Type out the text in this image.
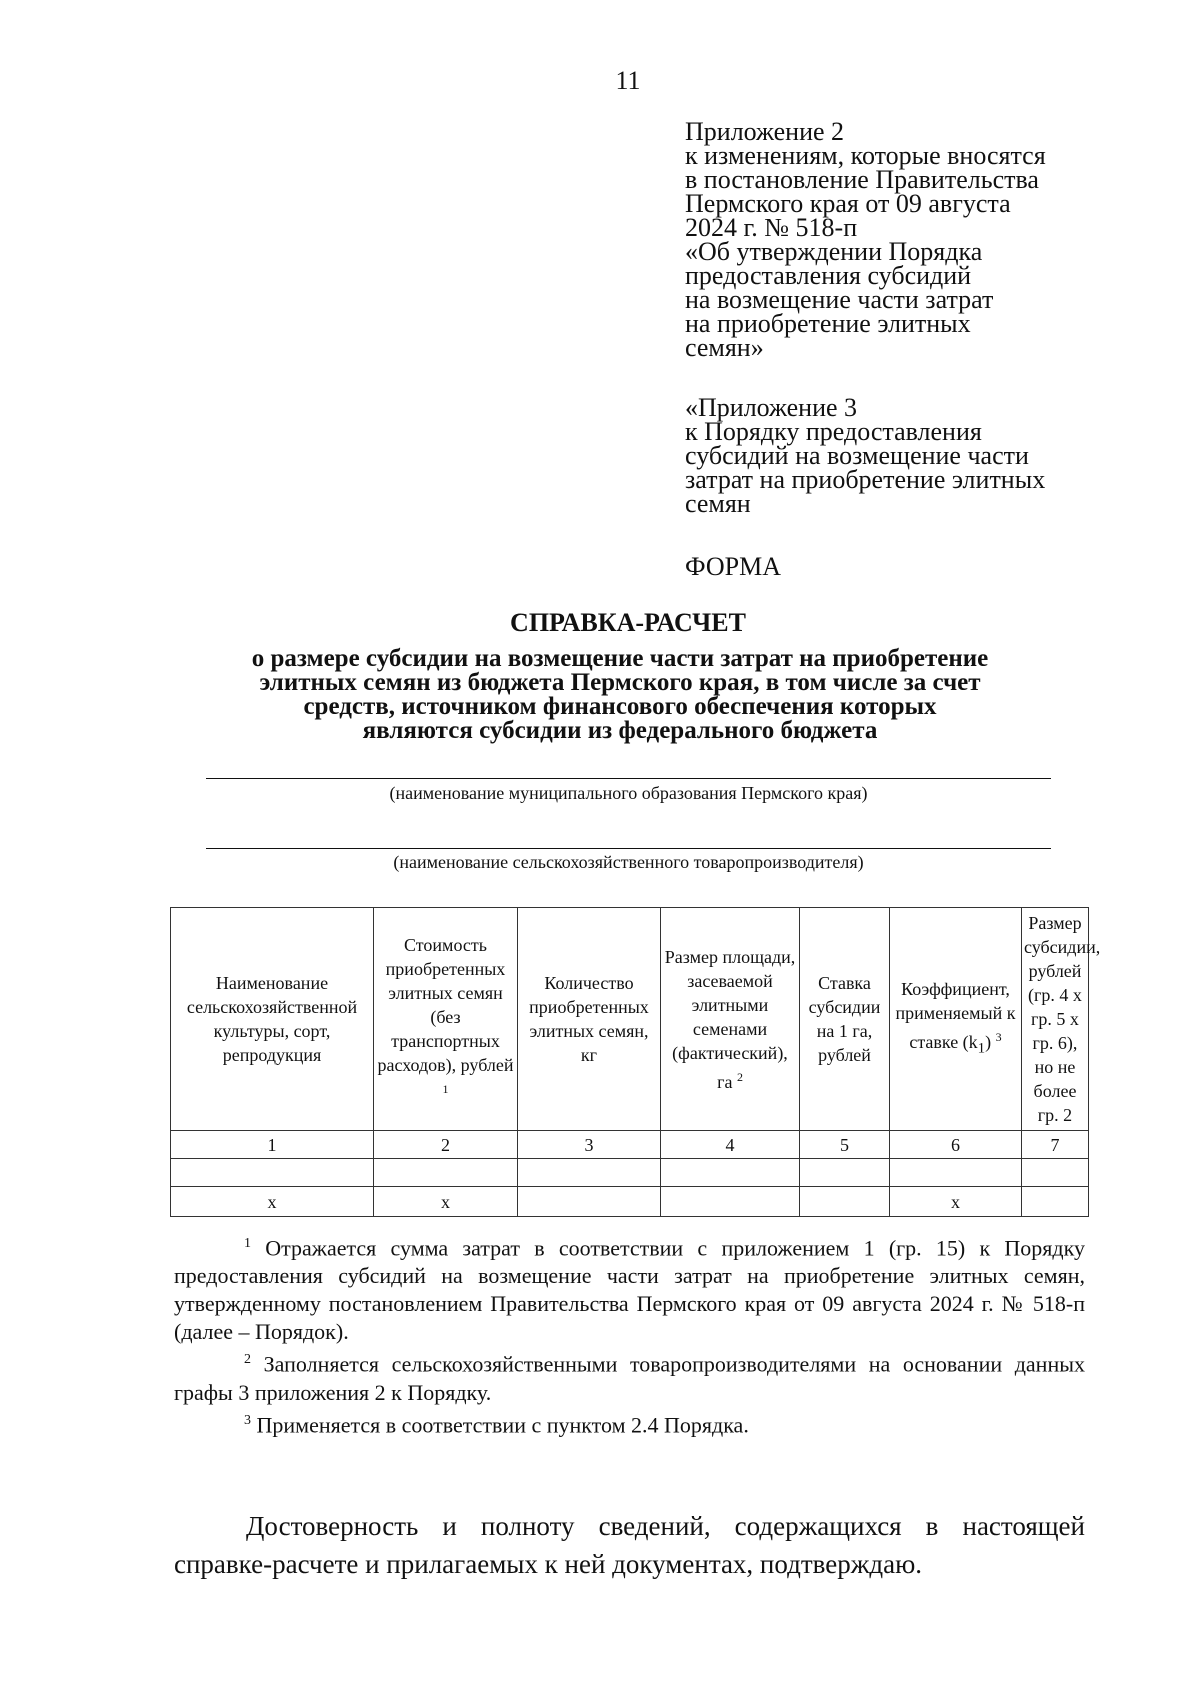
11
Приложение 2
к изменениям, которые вносятся
в постановление Правительства
Пермского края от 09 августа
2024 г. № 518-п
«Об утверждении Порядка
предоставления субсидий
на возмещение части затрат
на приобретение элитных
семян»
«Приложение 3
к Порядку предоставления
субсидий на возмещение части
затрат на приобретение элитных
семян
ФОРМА
СПРАВКА-РАСЧЕТ
о размере субсидии на возмещение части затрат на приобретение
элитных семян из бюджета Пермского края, в том числе за счет
средств, источником финансового обеспечения которых
являются субсидии из федерального бюджета
(наименование муниципального образования Пермского края)
(наименование сельскохозяйственного товаропроизводителя)
Наименование сельскохозяйственной культуры, сорт, репродукция	Стоимость приобретенных элитных семян (без транспортных расходов), рублей $^1$	Количество приобретенных элитных семян, кг	Размер площади, засеваемой элитными семенами (фактический), га $^2$	Ставка субсидии на 1 га, рублей	Коэффициент, применяемый к ставке $(k_1)$ $^3$	Размер субсидии, рублей (гр. 4 х гр. 5 х гр. 6), но не более гр. 2
1	2	3	4	5	6	7

х	х				х	

$^1$ Отражается сумма затрат в соответствии с приложением 1 (гр. 15) к Порядку предоставления субсидий на возмещение части затрат на приобретение элитных семян, утвержденному постановлением Правительства Пермского края от 09 августа 2024 г. № 518-п (далее – Порядок).

$^2$ Заполняется сельскохозяйственными товаропроизводителями на основании данных графы 3 приложения 2 к Порядку.

$^3$ Применяется в соответствии с пунктом 2.4 Порядка.

Достоверность и полноту сведений, содержащихся в настоящей справке-расчете и прилагаемых к ней документах, подтверждаю.
